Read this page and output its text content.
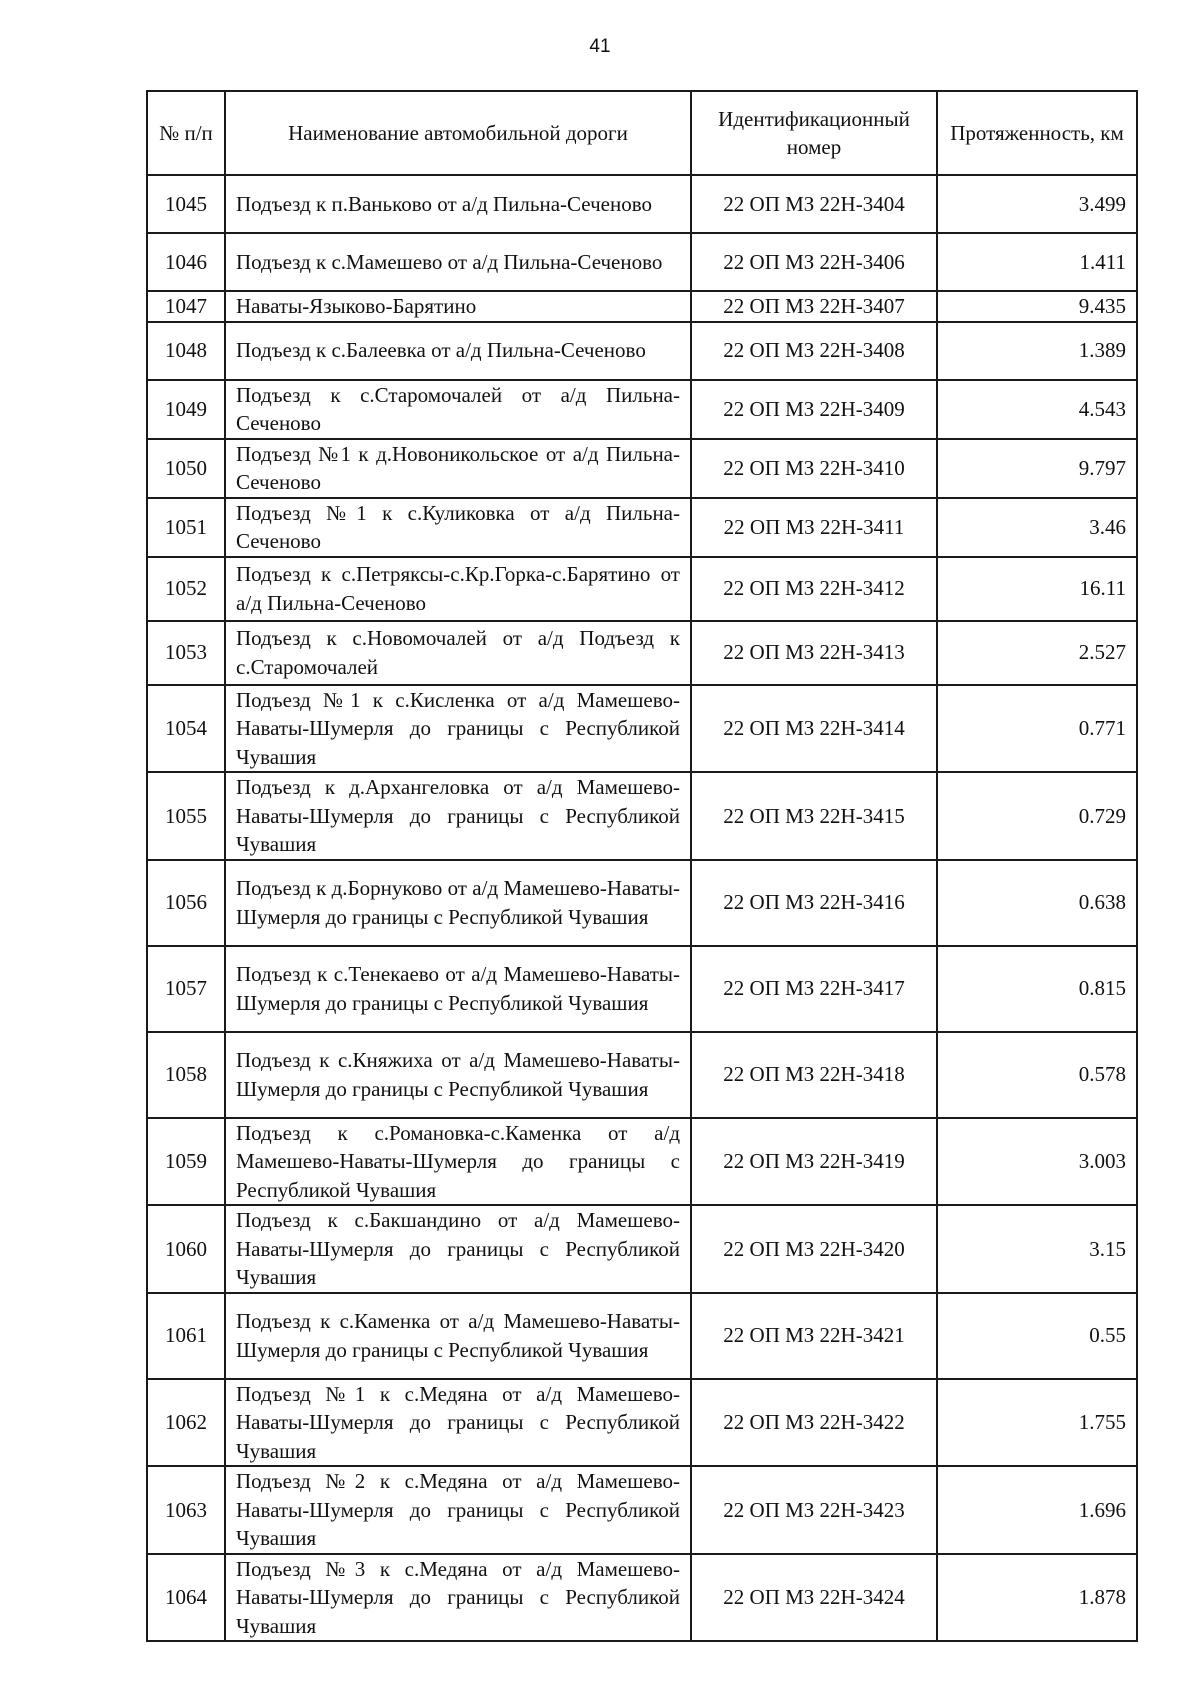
41
№ п/п	Наименование автомобильной дороги	Идентификационный номер	Протяженность, км
1045	Подъезд к п.Ваньково от а/д Пильна-Сеченово	22 ОП МЗ 22Н-3404	3.499
1046	Подъезд к с.Мамешево от а/д Пильна-Сеченово	22 ОП МЗ 22Н-3406	1.411
1047	Наваты-Языково-Барятино	22 ОП МЗ 22Н-3407	9.435
1048	Подъезд к с.Балеевка от а/д Пильна-Сеченово	22 ОП МЗ 22Н-3408	1.389
1049	Подъезд к с.Старомочалей от а/д Пильна-Сеченово	22 ОП МЗ 22Н-3409	4.543
1050	Подъезд №1 к д.Новоникольское от а/д Пильна-Сеченово	22 ОП МЗ 22Н-3410	9.797
1051	Подъезд №1 к с.Куликовка от а/д Пильна-Сеченово	22 ОП МЗ 22Н-3411	3.46
1052	Подъезд к с.Петряксы-с.Кр.Горка-с.Барятино от а/д Пильна-Сеченово	22 ОП МЗ 22Н-3412	16.11
1053	Подъезд к с.Новомочалей от а/д Подъезд к с.Старомочалей	22 ОП МЗ 22Н-3413	2.527
1054	Подъезд №1 к с.Кисленка от а/д Мамешево-Наваты-Шумерля до границы с Республикой Чувашия	22 ОП МЗ 22Н-3414	0.771
1055	Подъезд к д.Архангеловка от а/д Мамешево-Наваты-Шумерля до границы с Республикой Чувашия	22 ОП МЗ 22Н-3415	0.729
1056	Подъезд к д.Борнуково от а/д Мамешево-Наваты-Шумерля до границы с Республикой Чувашия	22 ОП МЗ 22Н-3416	0.638
1057	Подъезд к с.Тенекаево от а/д Мамешево-Наваты-Шумерля до границы с Республикой Чувашия	22 ОП МЗ 22Н-3417	0.815
1058	Подъезд к с.Княжиха от а/д Мамешево-Наваты-Шумерля до границы с Республикой Чувашия	22 ОП МЗ 22Н-3418	0.578
1059	Подъезд к с.Романовка-с.Каменка от а/д Мамешево-Наваты-Шумерля до границы с Республикой Чувашия	22 ОП МЗ 22Н-3419	3.003
1060	Подъезд к с.Бакшандино от а/д Мамешево-Наваты-Шумерля до границы с Республикой Чувашия	22 ОП МЗ 22Н-3420	3.15
1061	Подъезд к с.Каменка от а/д Мамешево-Наваты-Шумерля до границы с Республикой Чувашия	22 ОП МЗ 22Н-3421	0.55
1062	Подъезд №1 к с.Медяна от а/д Мамешево-Наваты-Шумерля до границы с Республикой Чувашия	22 ОП МЗ 22Н-3422	1.755
1063	Подъезд №2 к с.Медяна от а/д Мамешево-Наваты-Шумерля до границы с Республикой Чувашия	22 ОП МЗ 22Н-3423	1.696
1064	Подъезд №3 к с.Медяна от а/д Мамешево-Наваты-Шумерля до границы с Республикой Чувашия	22 ОП МЗ 22Н-3424	1.878
